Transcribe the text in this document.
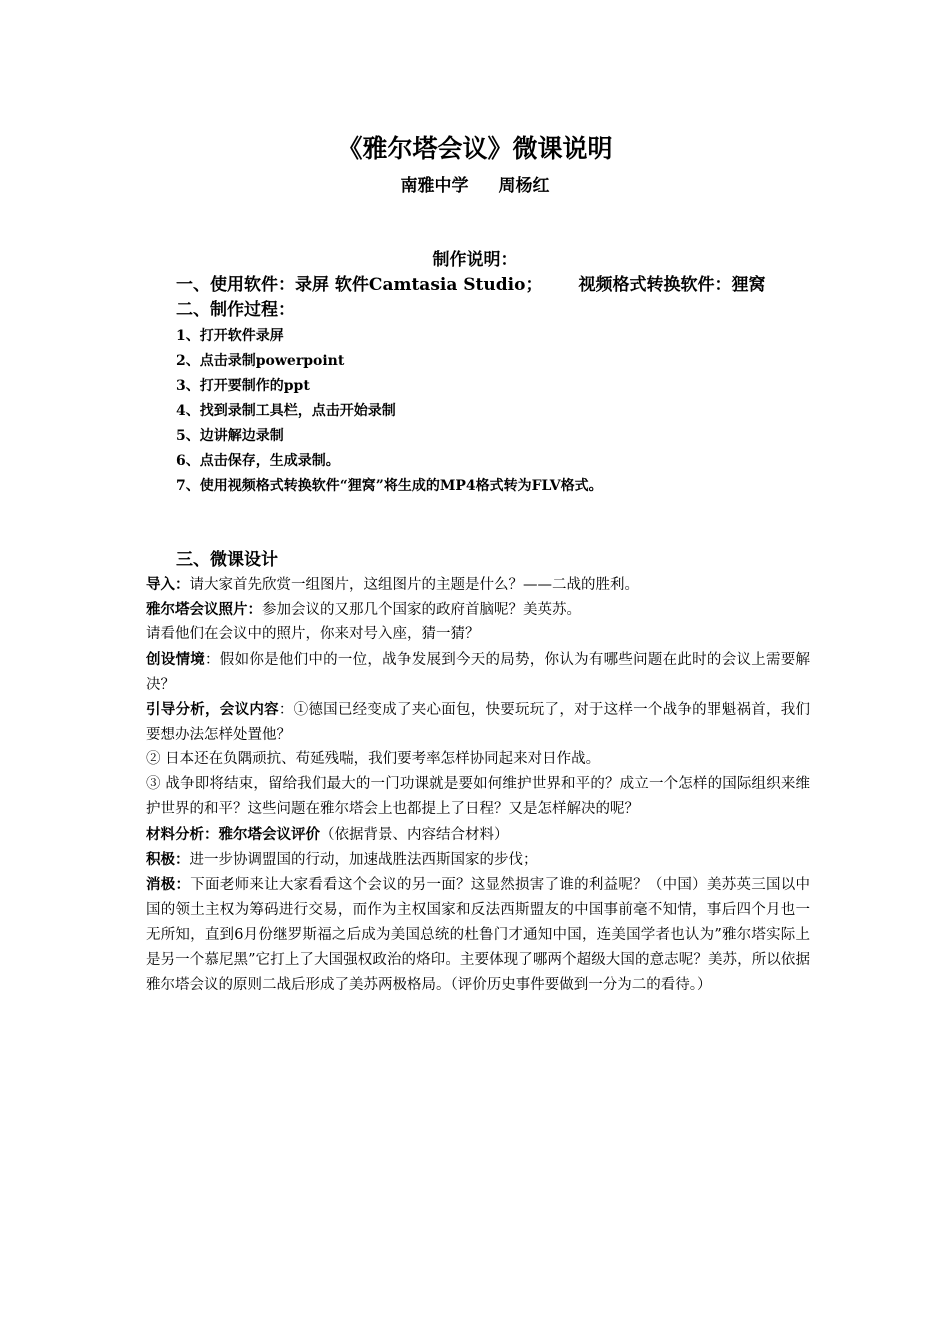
《雅尔塔会议》微课说明
南雅中学 周杨红
制作说明：
一、使用软件：录屏 软件Camtasia Studio； 视频格式转换软件：狸窝
二、制作过程：
1、打开软件录屏
2、点击录制powerpoint
3、打开要制作的ppt
4、找到录制工具栏，点击开始录制
5、边讲解边录制
6、点击保存，生成录制。
7、使用视频格式转换软件“狸窝”将生成的MP4格式转为FLV格式。
三、微课设计
导入：请大家首先欣赏一组图片，这组图片的主题是什么？——二战的胜利。
雅尔塔会议照片：参加会议的又那几个国家的政府首脑呢？美英苏。
请看他们在会议中的照片，你来对号入座，猜一猜？
创设情境：假如你是他们中的一位，战争发展到今天的局势，你认为有哪些问题在此时的会议上需要解决？
引导分析，会议内容：①德国已经变成了夹心面包，快要玩玩了，对于这样一个战争的罪魁祸首，我们要想办法怎样处置他？
② 日本还在负隅顽抗、苟延残喘，我们要考率怎样协同起来对日作战。
③ 战争即将结束，留给我们最大的一门功课就是要如何维护世界和平的？成立一个怎样的国际组织来维护世界的和平？这些问题在雅尔塔会上也都提上了日程？又是怎样解决的呢？
材料分析：雅尔塔会议评价（依据背景、内容结合材料）
积极：进一步协调盟国的行动，加速战胜法西斯国家的步伐；
消极：下面老师来让大家看看这个会议的另一面？这显然损害了谁的利益呢？（中国）美苏英三国以中国的领土主权为筹码进行交易，而作为主权国家和反法西斯盟友的中国事前毫不知情，事后四个月也一无所知，直到6月份继罗斯福之后成为美国总统的杜鲁门才通知中国，连美国学者也认为”雅尔塔实际上是另一个慕尼黑”它打上了大国强权政治的烙印。主要体现了哪两个超级大国的意志呢？美苏，所以依据雅尔塔会议的原则二战后形成了美苏两极格局。（评价历史事件要做到一分为二的看待。）
